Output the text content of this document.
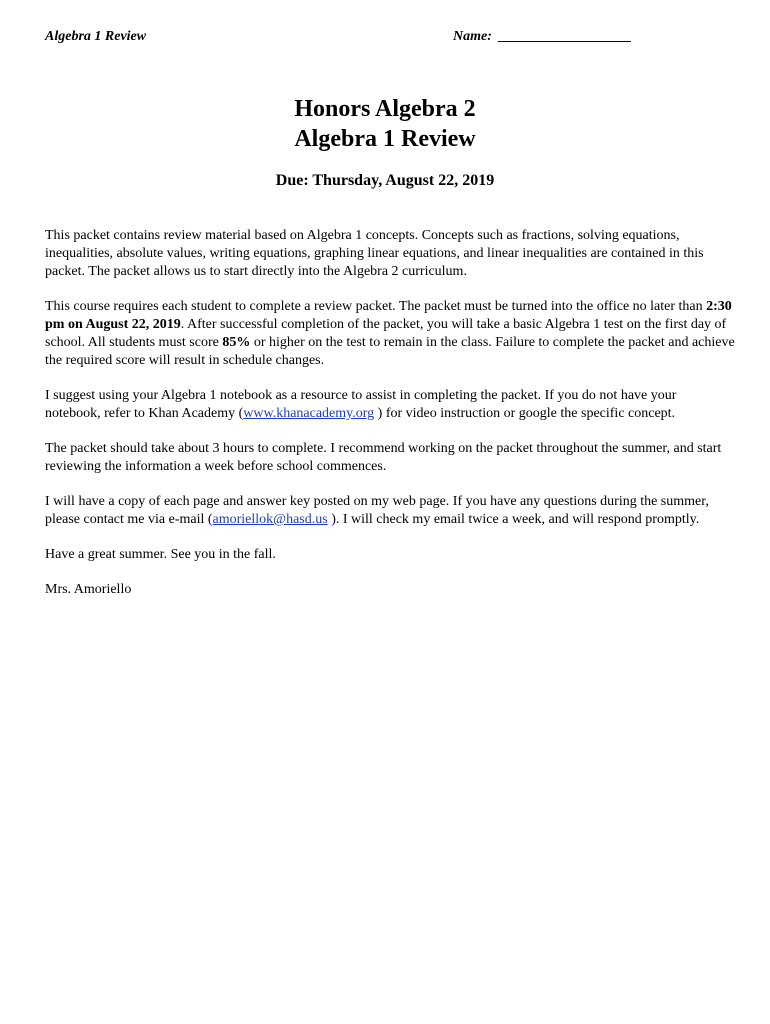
Algebra 1 Review	Name: ___________________
Honors Algebra 2
Algebra 1 Review
Due: Thursday, August 22, 2019

This packet contains review material based on Algebra 1 concepts. Concepts such as fractions, solving equations, inequalities, absolute values, writing equations, graphing linear equations, and linear inequalities are contained in this packet. The packet allows us to start directly into the Algebra 2 curriculum.

This course requires each student to complete a review packet. The packet must be turned into the office no later than 2:30 pm on August 22, 2019. After successful completion of the packet, you will take a basic Algebra 1 test on the first day of school. All students must score 85% or higher on the test to remain in the class. Failure to complete the packet and achieve the required score will result in schedule changes.

I suggest using your Algebra 1 notebook as a resource to assist in completing the packet. If you do not have your notebook, refer to Khan Academy (www.khanacademy.org ) for video instruction or google the specific concept.

The packet should take about 3 hours to complete. I recommend working on the packet throughout the summer, and start reviewing the information a week before school commences.

I will have a copy of each page and answer key posted on my web page. If you have any questions during the summer, please contact me via e-mail (amoriellok@hasd.us ). I will check my email twice a week, and will respond promptly.

Have a great summer. See you in the fall.

Mrs. Amoriello
